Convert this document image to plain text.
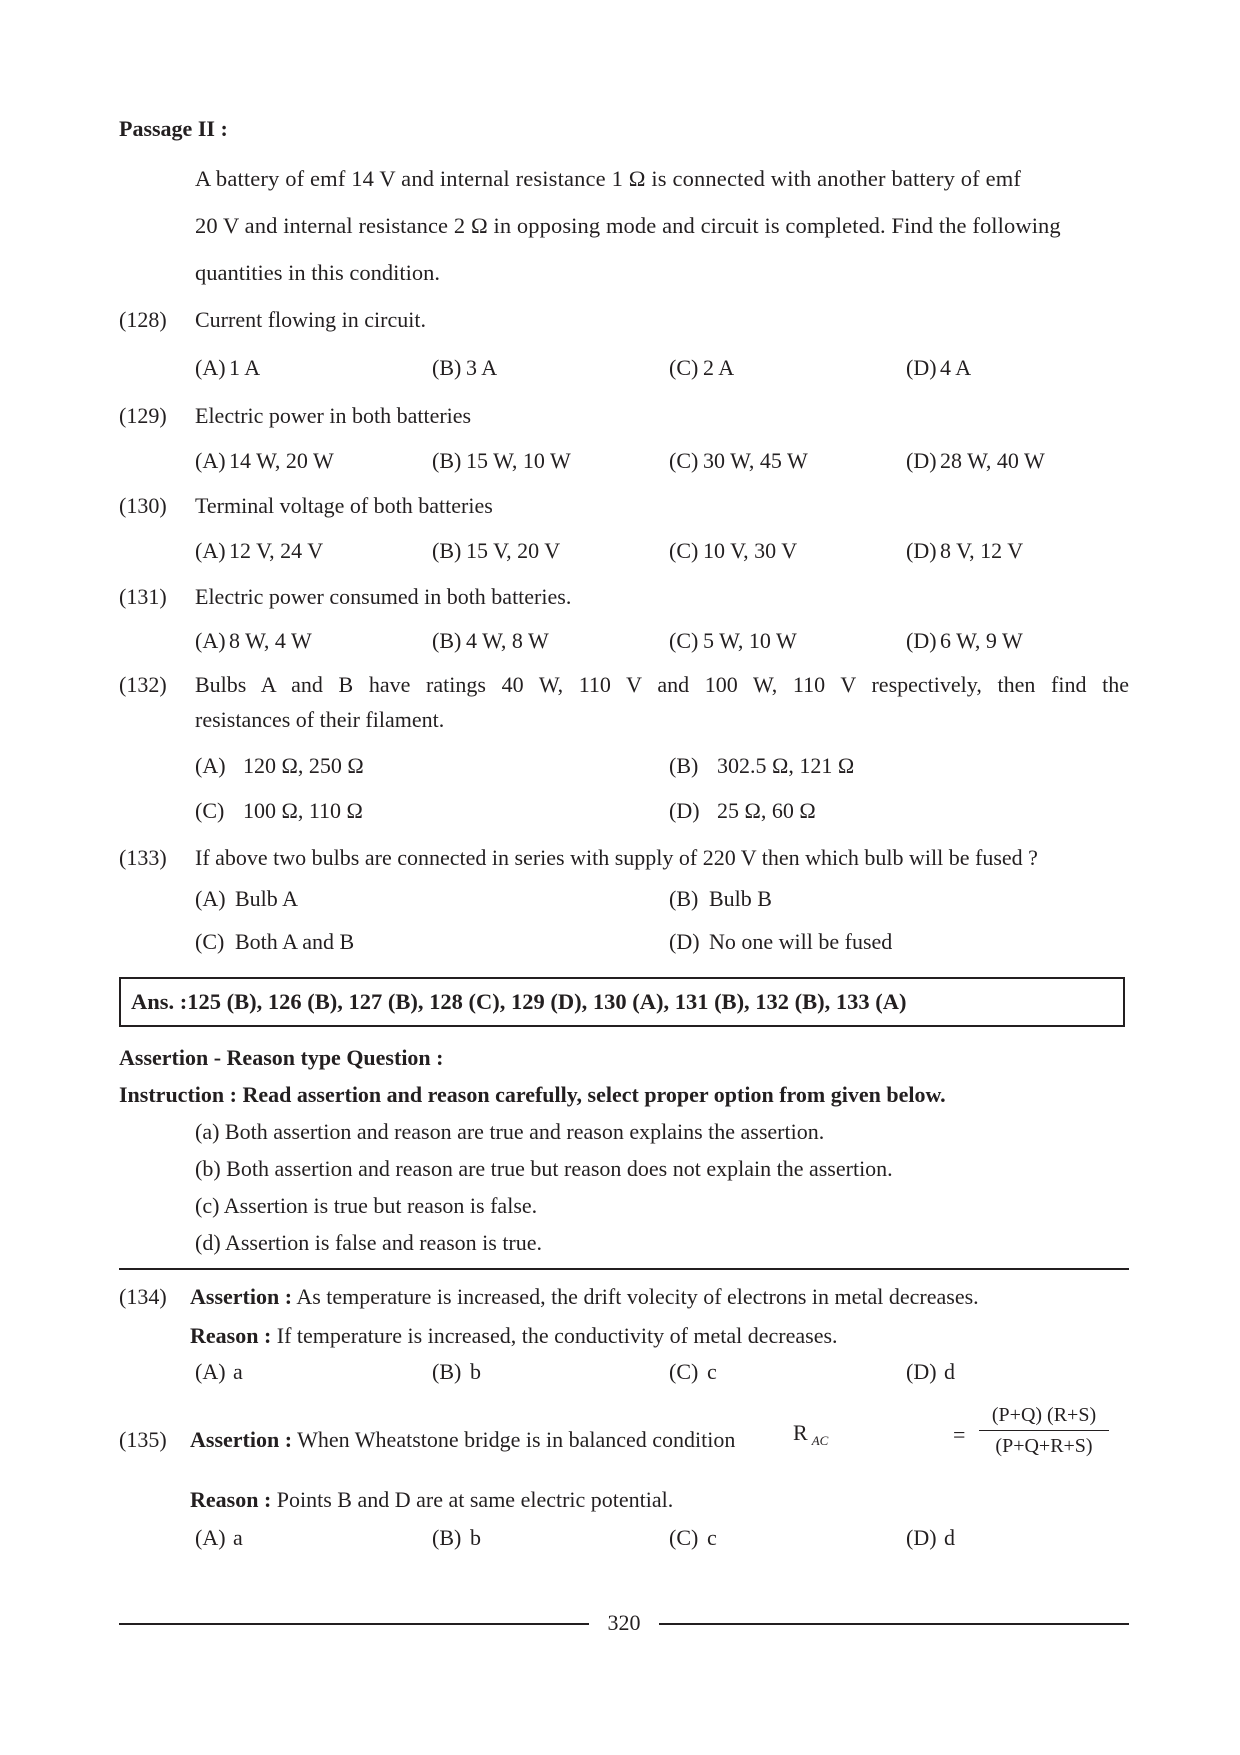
Passage II :
A battery of emf 14 V and internal resistance 1 Ω is connected with another battery of emf
20 V and internal resistance 2 Ω in opposing mode and circuit is completed. Find the following
quantities in this condition.
(128) Current flowing in circuit.
(A) 1 A	(B) 3 A	(C) 2 A	(D) 4 A
(129) Electric power in both batteries
(A) 14 W, 20 W	(B) 15 W, 10 W	(C) 30 W, 45 W	(D) 28 W, 40 W
(130) Terminal voltage of both batteries
(A) 12 V, 24 V	(B) 15 V, 20 V	(C) 10 V, 30 V	(D) 8 V, 12 V
(131) Electric power consumed in both batteries.
(A) 8 W, 4 W	(B) 4 W, 8 W	(C) 5 W, 10 W	(D) 6 W, 9 W
(132) Bulbs A and B have ratings 40 W, 110 V and 100 W, 110 V respectively, then find the
resistances of their filament.
(A) 120 Ω, 250 Ω	(B) 302.5 Ω, 121 Ω
(C) 100 Ω, 110 Ω	(D) 25 Ω, 60 Ω
(133) If above two bulbs are connected in series with supply of 220 V then which bulb will be fused ?
(A) Bulb A	(B) Bulb B
(C) Both A and B	(D) No one will be fused
Ans. :125 (B), 126 (B), 127 (B), 128 (C), 129 (D), 130 (A), 131 (B), 132 (B), 133 (A)
Assertion - Reason type Question :
Instruction : Read assertion and reason carefully, select proper option from given below.
(a) Both assertion and reason are true and reason explains the assertion.
(b) Both assertion and reason are true but reason does not explain the assertion.
(c) Assertion is true but reason is false.
(d) Assertion is false and reason is true.
(134) Assertion : As temperature is increased, the drift volecity of electrons in metal decreases.
Reason : If temperature is increased, the conductivity of metal decreases.
(A) a	(B) b	(C) c	(D) d
(135) Assertion : When Wheatstone bridge is in balanced condition	R $_{AC}$	=
(P+Q) (R+S)
(P+Q+R+S)
Reason : Points B and D are at same electric potential.
(A) a	(B) b	(C) c	(D) d
320
